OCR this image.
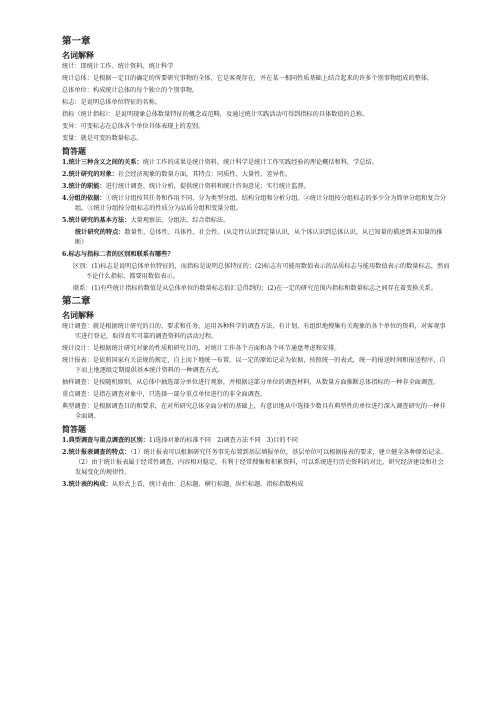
第一章
名词解释
统计：即统计工作、统计资料、统计科学
统计总体：是根据一定目的确定的所要研究事物的全体，它是客观存在，并在某一相同性质基础上结合起来的许多个别事物组成的整体。
总体单位：构成统计总体的每个独立的个别事物。
标志：是说明总体单位特征的名称。
指标（统计指标）：是说明现象总体数量特征的概念或范畴，及通过统计实践活动可得到指标的具体数值的总称。
变异：可变标志在总体各个单位具体表现上的差别。
变量：就是可变的数量标志。
简答题
1.统计三种含义之间的关系：统计工作的成果是统计资料，统计科学是统计工作实践经验的理论概括和科，学总结。
2.统计研究的对象：社会经济现象的数量方面，其特点：同质性、大量性、差异性。
3.统计的职能：进行统计调查、统计分析，提供统计资料和统计咨询意见；实行统计监督。
4.分组的依据：①统计分组按其任务和作用不同，分为类型分组、结构分组和分析分组。②统计分组按分组标志的多少分为简单分组和复合分组。③统计分组按分组标志的性质分为品质分组和变量分组。
5.统计研究的基本方法：大量观察法、分组法、综合指标法。
统计研究的特点：数量性、总体性、具体性、社会性。(从定性认识到定量认识，从个体认识到总体认识，从已知量的描述到未知量的推断）
6.标志与指标二者的区别和联系有哪些？
区别：(1)标志是说明总体单位特征的，而指标是说明总体特征的；(2)标志有可能用数值表示的品质标志与能用数值表示的数量标志，然而不论什么指标，都要用数值表示。
联系：(1)有些统计指标的数值是从总体单位的数量标志值汇总得到的；(2)在一定的研究范围内指标和数量标志之间存在着变换关系。
第二章
名词解释
统计调查：就是根据统计研究的目的、要求和任务，运用各种科学的调查方法，有计划，有组织地搜集有关现象的各个单位的资料，对客观事实进行登记，取得真实可靠的调查资料的活动过程。
统计设计：是根据统计研究对象的性质和研究目的，对统计工作各个方面和各个环节通盘考虑和安排。
统计报表：是依照国家有关法规的规定，自上而下地统一布置，以一定的原始记录为依据，按照统一的表式，统一的报送时间和报送程序，自下而上地逐级定期提供基本统计资料的一种调查方式。
抽样调查：是按随机原则，从总体中抽选部分单位进行观察，并根据这部分单位的调查材料，从数量方面推断总体指标的一种非全面调查。
重点调查：是指在调查对象中，只选择一部分重点单位进行的非全面调查。
典型调查：是根据调查目的和要求，在对所研究总体全面分析的基础上，有意识地从中选择少数具有典型性的单位进行深入调查研究的一种非全面调。
简答题
1.典型调查与重点调查的区别：1)选择对象的标准不同　2)调查方法不同　3)目的不同
2.统计报表调查的特点：（1）统计报表可以根据研究任务事先布置到基层填报单位，基层单位可以根据报表的要求，建立健全各种原始记录。（2）由于统计报表属于经常性调查，内容相对稳定，有利于经常搜集和积累资料，可以系统进行历史资料的对比，研究经济建设和社会发展变化的规律性。
3.统计表的构成：从形式上看，统计表由：总标题、横行标题、纵栏标题、指标指数构成
